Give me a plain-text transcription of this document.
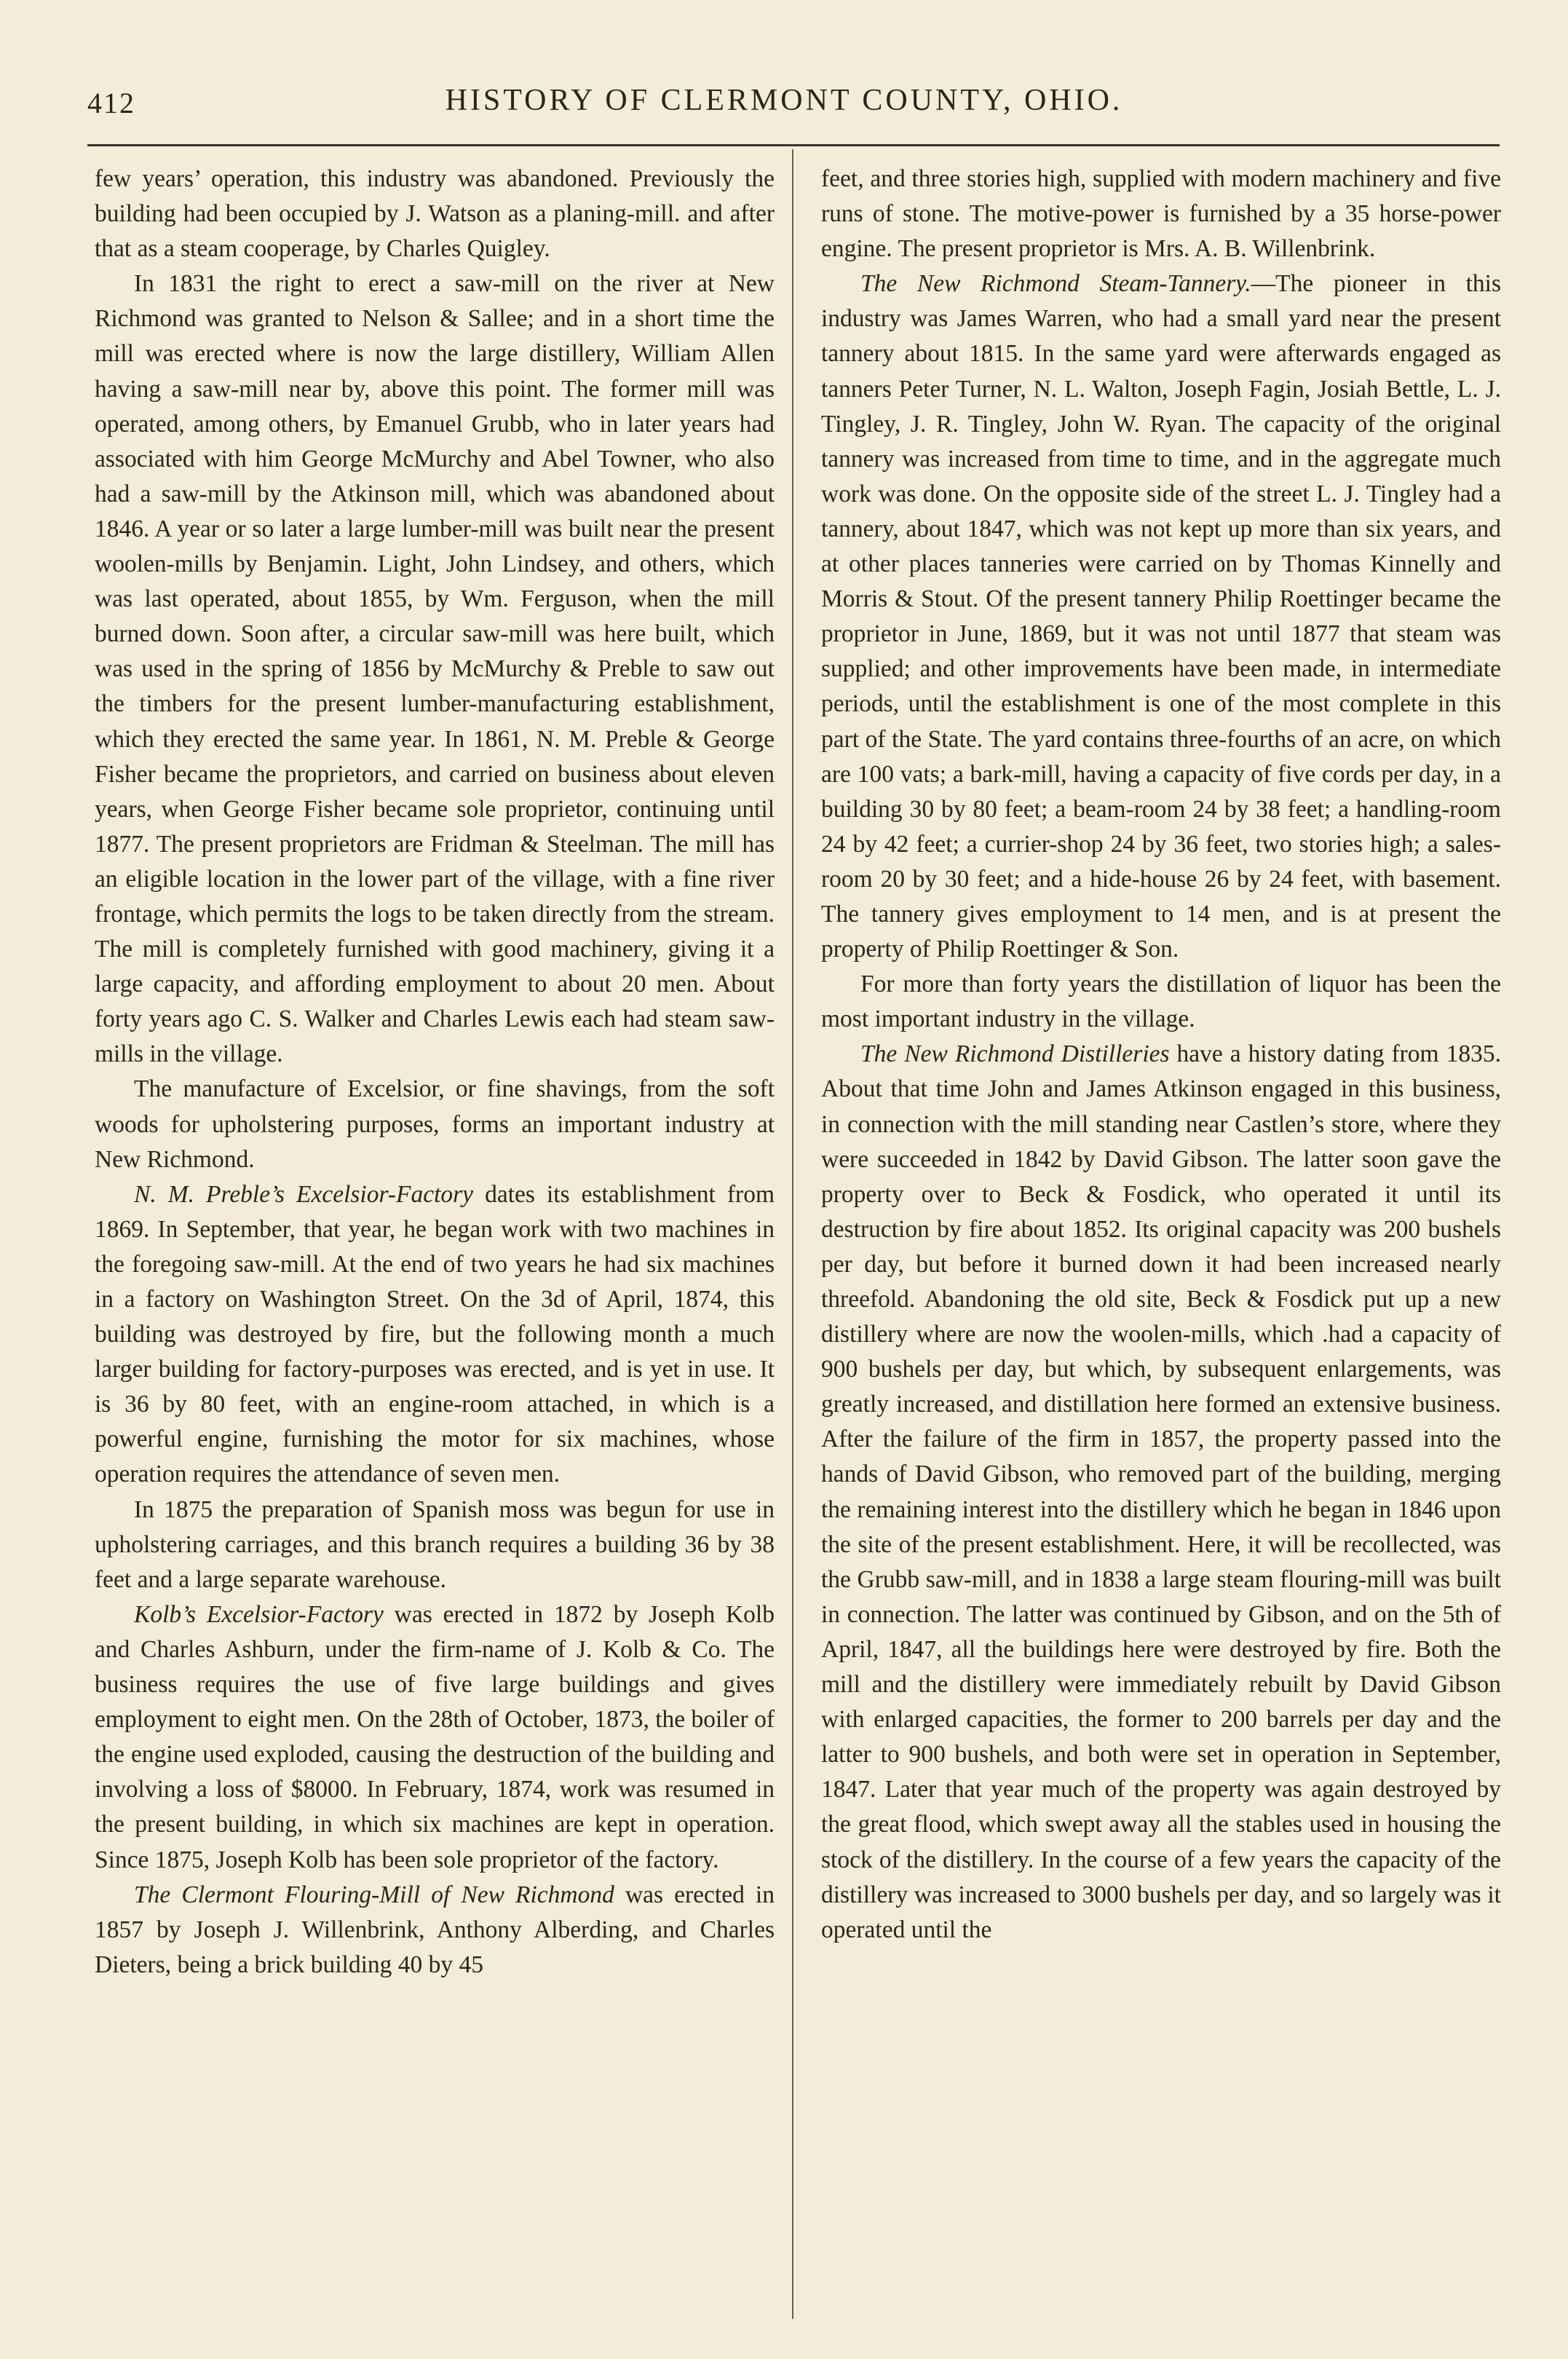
412	HISTORY OF CLERMONT COUNTY, OHIO.

few years’ operation, this industry was abandoned. Previously the building had been occupied by J. Watson as a planing-mill. and after that as a steam cooperage, by Charles Quigley.

In 1831 the right to erect a saw-mill on the river at New Richmond was granted to Nelson & Sallee; and in a short time the mill was erected where is now the large distillery, William Allen having a saw-mill near by, above this point. The former mill was operated, among others, by Emanuel Grubb, who in later years had associated with him George McMurchy and Abel Towner, who also had a saw-mill by the Atkinson mill, which was abandoned about 1846. A year or so later a large lumber-mill was built near the present woolen-mills by Benjamin. Light, John Lindsey, and others, which was last operated, about 1855, by Wm. Ferguson, when the mill burned down. Soon after, a circular saw-mill was here built, which was used in the spring of 1856 by McMurchy & Preble to saw out the timbers for the present lumber-manufacturing establishment, which they erected the same year. In 1861, N. M. Preble & George Fisher became the proprietors, and carried on business about eleven years, when George Fisher became sole proprietor, continuing until 1877. The present proprietors are Fridman & Steelman. The mill has an eligible location in the lower part of the village, with a fine river frontage, which permits the logs to be taken directly from the stream. The mill is completely furnished with good machinery, giving it a large capacity, and affording employment to about 20 men. About forty years ago C. S. Walker and Charles Lewis each had steam saw-mills in the village.

The manufacture of Excelsior, or fine shavings, from the soft woods for upholstering purposes, forms an important industry at New Richmond.

N. M. Preble’s Excelsior-Factory dates its establishment from 1869. In September, that year, he began work with two machines in the foregoing saw-mill. At the end of two years he had six machines in a factory on Washington Street. On the 3d of April, 1874, this building was destroyed by fire, but the following month a much larger building for factory-purposes was erected, and is yet in use. It is 36 by 80 feet, with an engine-room attached, in which is a powerful engine, furnishing the motor for six machines, whose operation requires the attendance of seven men.

In 1875 the preparation of Spanish moss was begun for use in upholstering carriages, and this branch requires a building 36 by 38 feet and a large separate warehouse.

Kolb’s Excelsior-Factory was erected in 1872 by Joseph Kolb and Charles Ashburn, under the firm-name of J. Kolb & Co. The business requires the use of five large buildings and gives employment to eight men. On the 28th of October, 1873, the boiler of the engine used exploded, causing the destruction of the building and involving a loss of $8000. In February, 1874, work was resumed in the present building, in which six machines are kept in operation. Since 1875, Joseph Kolb has been sole proprietor of the factory.

The Clermont Flouring-Mill of New Richmond was erected in 1857 by Joseph J. Willenbrink, Anthony Alberding, and Charles Dieters, being a brick building 40 by 45

feet, and three stories high, supplied with modern machinery and five runs of stone. The motive-power is furnished by a 35 horse-power engine. The present proprietor is Mrs. A. B. Willenbrink.

The New Richmond Steam-Tannery.—The pioneer in this industry was James Warren, who had a small yard near the present tannery about 1815. In the same yard were afterwards engaged as tanners Peter Turner, N. L. Walton, Joseph Fagin, Josiah Bettle, L. J. Tingley, J. R. Tingley, John W. Ryan. The capacity of the original tannery was increased from time to time, and in the aggregate much work was done. On the opposite side of the street L. J. Tingley had a tannery, about 1847, which was not kept up more than six years, and at other places tanneries were carried on by Thomas Kinnelly and Morris & Stout. Of the present tannery Philip Roettinger became the proprietor in June, 1869, but it was not until 1877 that steam was supplied; and other improvements have been made, in intermediate periods, until the establishment is one of the most complete in this part of the State. The yard contains three-fourths of an acre, on which are 100 vats; a bark-mill, having a capacity of five cords per day, in a building 30 by 80 feet; a beam-room 24 by 38 feet; a handling-room 24 by 42 feet; a currier-shop 24 by 36 feet, two stories high; a sales-room 20 by 30 feet; and a hide-house 26 by 24 feet, with basement. The tannery gives employment to 14 men, and is at present the property of Philip Roettinger & Son.

For more than forty years the distillation of liquor has been the most important industry in the village.

The New Richmond Distilleries have a history dating from 1835. About that time John and James Atkinson engaged in this business, in connection with the mill standing near Castlen’s store, where they were succeeded in 1842 by David Gibson. The latter soon gave the property over to Beck & Fosdick, who operated it until its destruction by fire about 1852. Its original capacity was 200 bushels per day, but before it burned down it had been increased nearly threefold. Abandoning the old site, Beck & Fosdick put up a new distillery where are now the woolen-mills, which .had a capacity of 900 bushels per day, but which, by subsequent enlargements, was greatly increased, and distillation here formed an extensive business. After the failure of the firm in 1857, the property passed into the hands of David Gibson, who removed part of the building, merging the remaining interest into the distillery which he began in 1846 upon the site of the present establishment. Here, it will be recollected, was the Grubb saw-mill, and in 1838 a large steam flouring-mill was built in connection. The latter was continued by Gibson, and on the 5th of April, 1847, all the buildings here were destroyed by fire. Both the mill and the distillery were immediately rebuilt by David Gibson with enlarged capacities, the former to 200 barrels per day and the latter to 900 bushels, and both were set in operation in September, 1847. Later that year much of the property was again destroyed by the great flood, which swept away all the stables used in housing the stock of the distillery. In the course of a few years the capacity of the distillery was increased to 3000 bushels per day, and so largely was it operated until the
